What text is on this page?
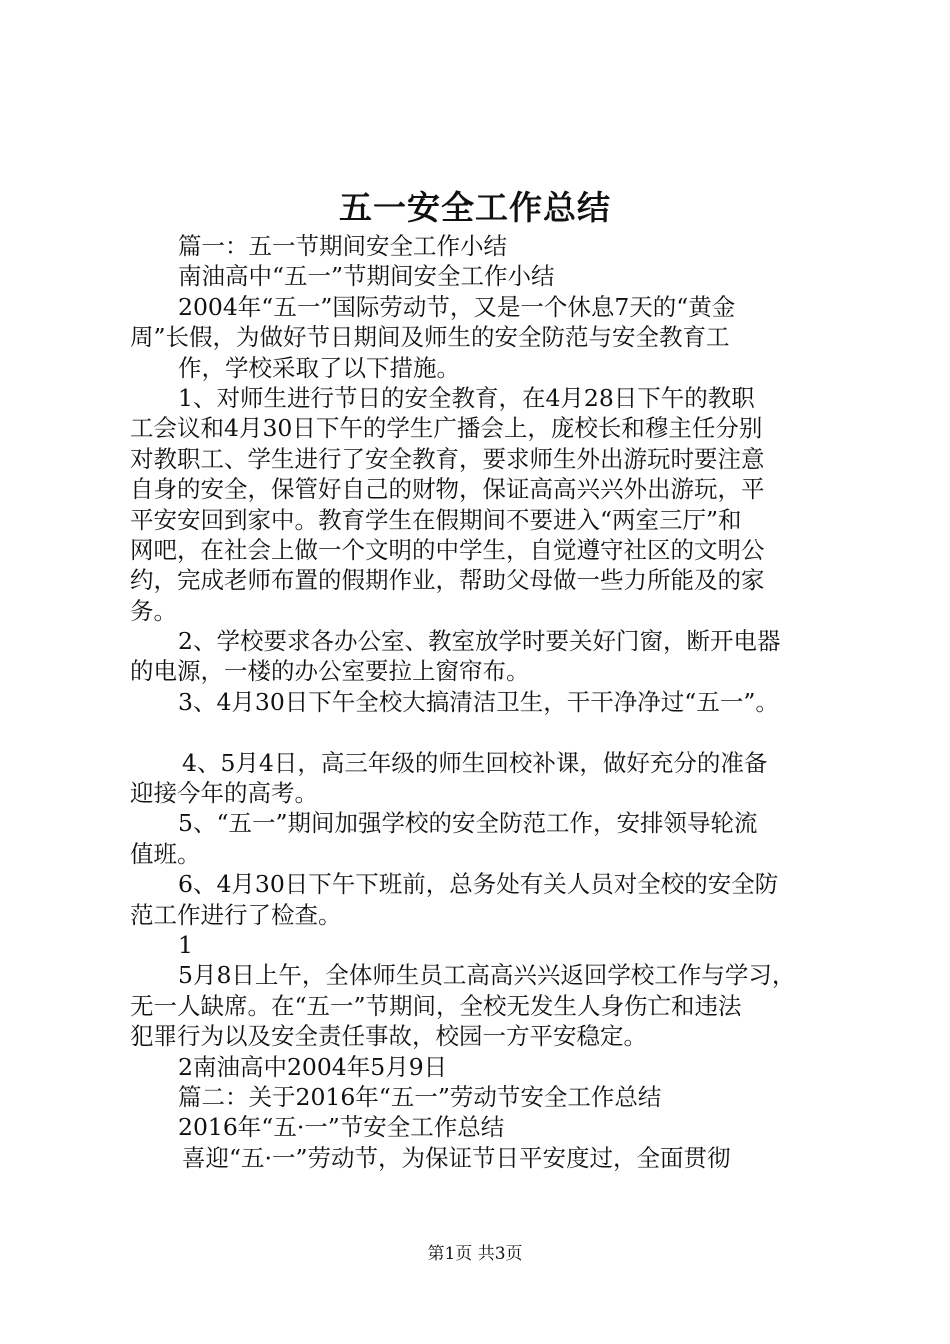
五一安全工作总结
篇一：五一节期间安全工作小结
南油高中“五一”节期间安全工作小结
2004年“五一”国际劳动节，又是一个休息7天的“黄金
周”长假，为做好节日期间及师生的安全防范与安全教育工
作，学校采取了以下措施。
1、对师生进行节日的安全教育，在4月28日下午的教职
工会议和4月30日下午的学生广播会上，庞校长和穆主任分别
对教职工、学生进行了安全教育，要求师生外出游玩时要注意
自身的安全，保管好自己的财物，保证高高兴兴外出游玩，平
平安安回到家中。教育学生在假期间不要进入“两室三厅”和
网吧，在社会上做一个文明的中学生，自觉遵守社区的文明公
约，完成老师布置的假期作业，帮助父母做一些力所能及的家
务。
2、学校要求各办公室、教室放学时要关好门窗，断开电器
的电源，一楼的办公室要拉上窗帘布。
3、4月30日下午全校大搞清洁卫生，干干净净过“五一”。
4、5月4日，高三年级的师生回校补课，做好充分的准备
迎接今年的高考。
5、“五一”期间加强学校的安全防范工作，安排领导轮流
值班。
6、4月30日下午下班前，总务处有关人员对全校的安全防
范工作进行了检查。
1
5月8日上午，全体师生员工高高兴兴返回学校工作与学习，
无一人缺席。在“五一”节期间，全校无发生人身伤亡和违法
犯罪行为以及安全责任事故，校园一方平安稳定。
2南油高中2004年5月9日
篇二：关于2016年“五一”劳动节安全工作总结
2016年“五·一”节安全工作总结
喜迎“五·一”劳动节，为保证节日平安度过，全面贯彻
第1页 共3页
